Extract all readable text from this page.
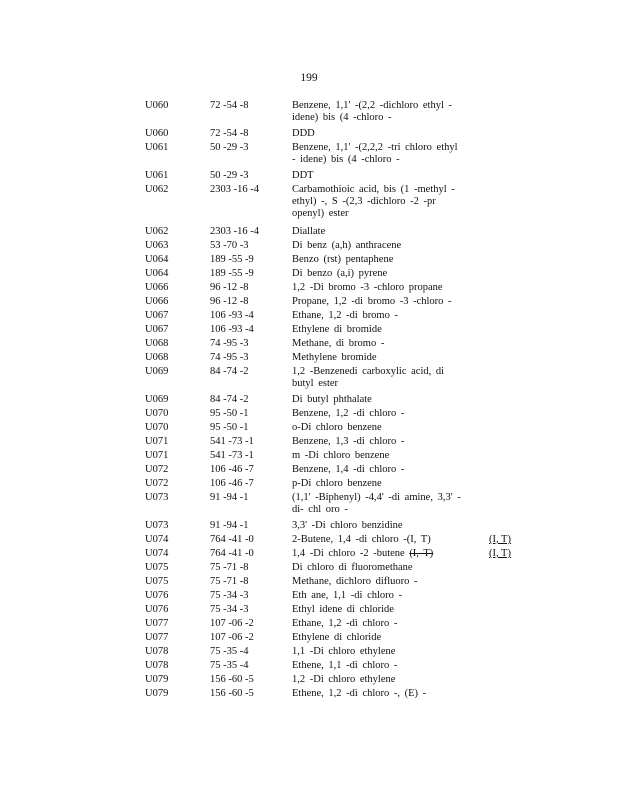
199
U060	72 -54 -8	Benzene, 1,1' -(2,2 -dichloro ethyl - idene) bis (4 -chloro -
U060	72 -54 -8	DDD
U061	50 -29 -3	Benzene, 1,1' -(2,2,2 -tri chloro ethyl - idene) bis (4 -chloro -
U061	50 -29 -3	DDT
U062	2303 -16 -4	Carbamothioic acid, bis (1 -methyl - ethyl) -, S -(2,3 -dichloro -2 -pr openyl) ester
U062	2303 -16 -4	Diallate
U063	53 -70 -3	Di benz (a,h) anthracene
U064	189 -55 -9	Benzo (rst) pentaphene
U064	189 -55 -9	Di benzo (a,i) pyrene
U066	96 -12 -8	1,2 -Di bromo -3 -chloro propane
U066	96 -12 -8	Propane, 1,2 -di bromo -3 -chloro -
U067	106 -93 -4	Ethane, 1,2 -di bromo -
U067	106 -93 -4	Ethylene di bromide
U068	74 -95 -3	Methane, di bromo -
U068	74 -95 -3	Methylene bromide
U069	84 -74 -2	1,2 -Benzenedi carboxylic acid, di butyl ester
U069	84 -74 -2	Di butyl phthalate
U070	95 -50 -1	Benzene, 1,2 -di chloro -
U070	95 -50 -1	o-Di chloro benzene
U071	541 -73 -1	Benzene, 1,3 -di chloro -
U071	541 -73 -1	m -Di chloro benzene
U072	106 -46 -7	Benzene, 1,4 -di chloro -
U072	106 -46 -7	p-Di chloro benzene
U073	91 -94 -1	(1,1' -Biphenyl) -4,4' -di amine, 3,3' -di- chl oro -
U073	91 -94 -1	3,3' -Di chloro benzidine
U074	764 -41 -0	2-Butene, 1,4 -di chloro -(I, T)	(I, T)
U074	764 -41 -0	1,4 -Di chloro -2 -butene (I, T)	(I, T)
U075	75 -71 -8	Di chloro di fluoromethane
U075	75 -71 -8	Methane, dichloro difluoro -
U076	75 -34 -3	Eth ane, 1,1 -di chloro -
U076	75 -34 -3	Ethyl idene di chloride
U077	107 -06 -2	Ethane, 1,2 -di chloro -
U077	107 -06 -2	Ethylene di chloride
U078	75 -35 -4	1,1 -Di chloro ethylene
U078	75 -35 -4	Ethene, 1,1 -di chloro -
U079	156 -60 -5	1,2 -Di chloro ethylene
U079	156 -60 -5	Ethene, 1,2 -di chloro -, (E) -
